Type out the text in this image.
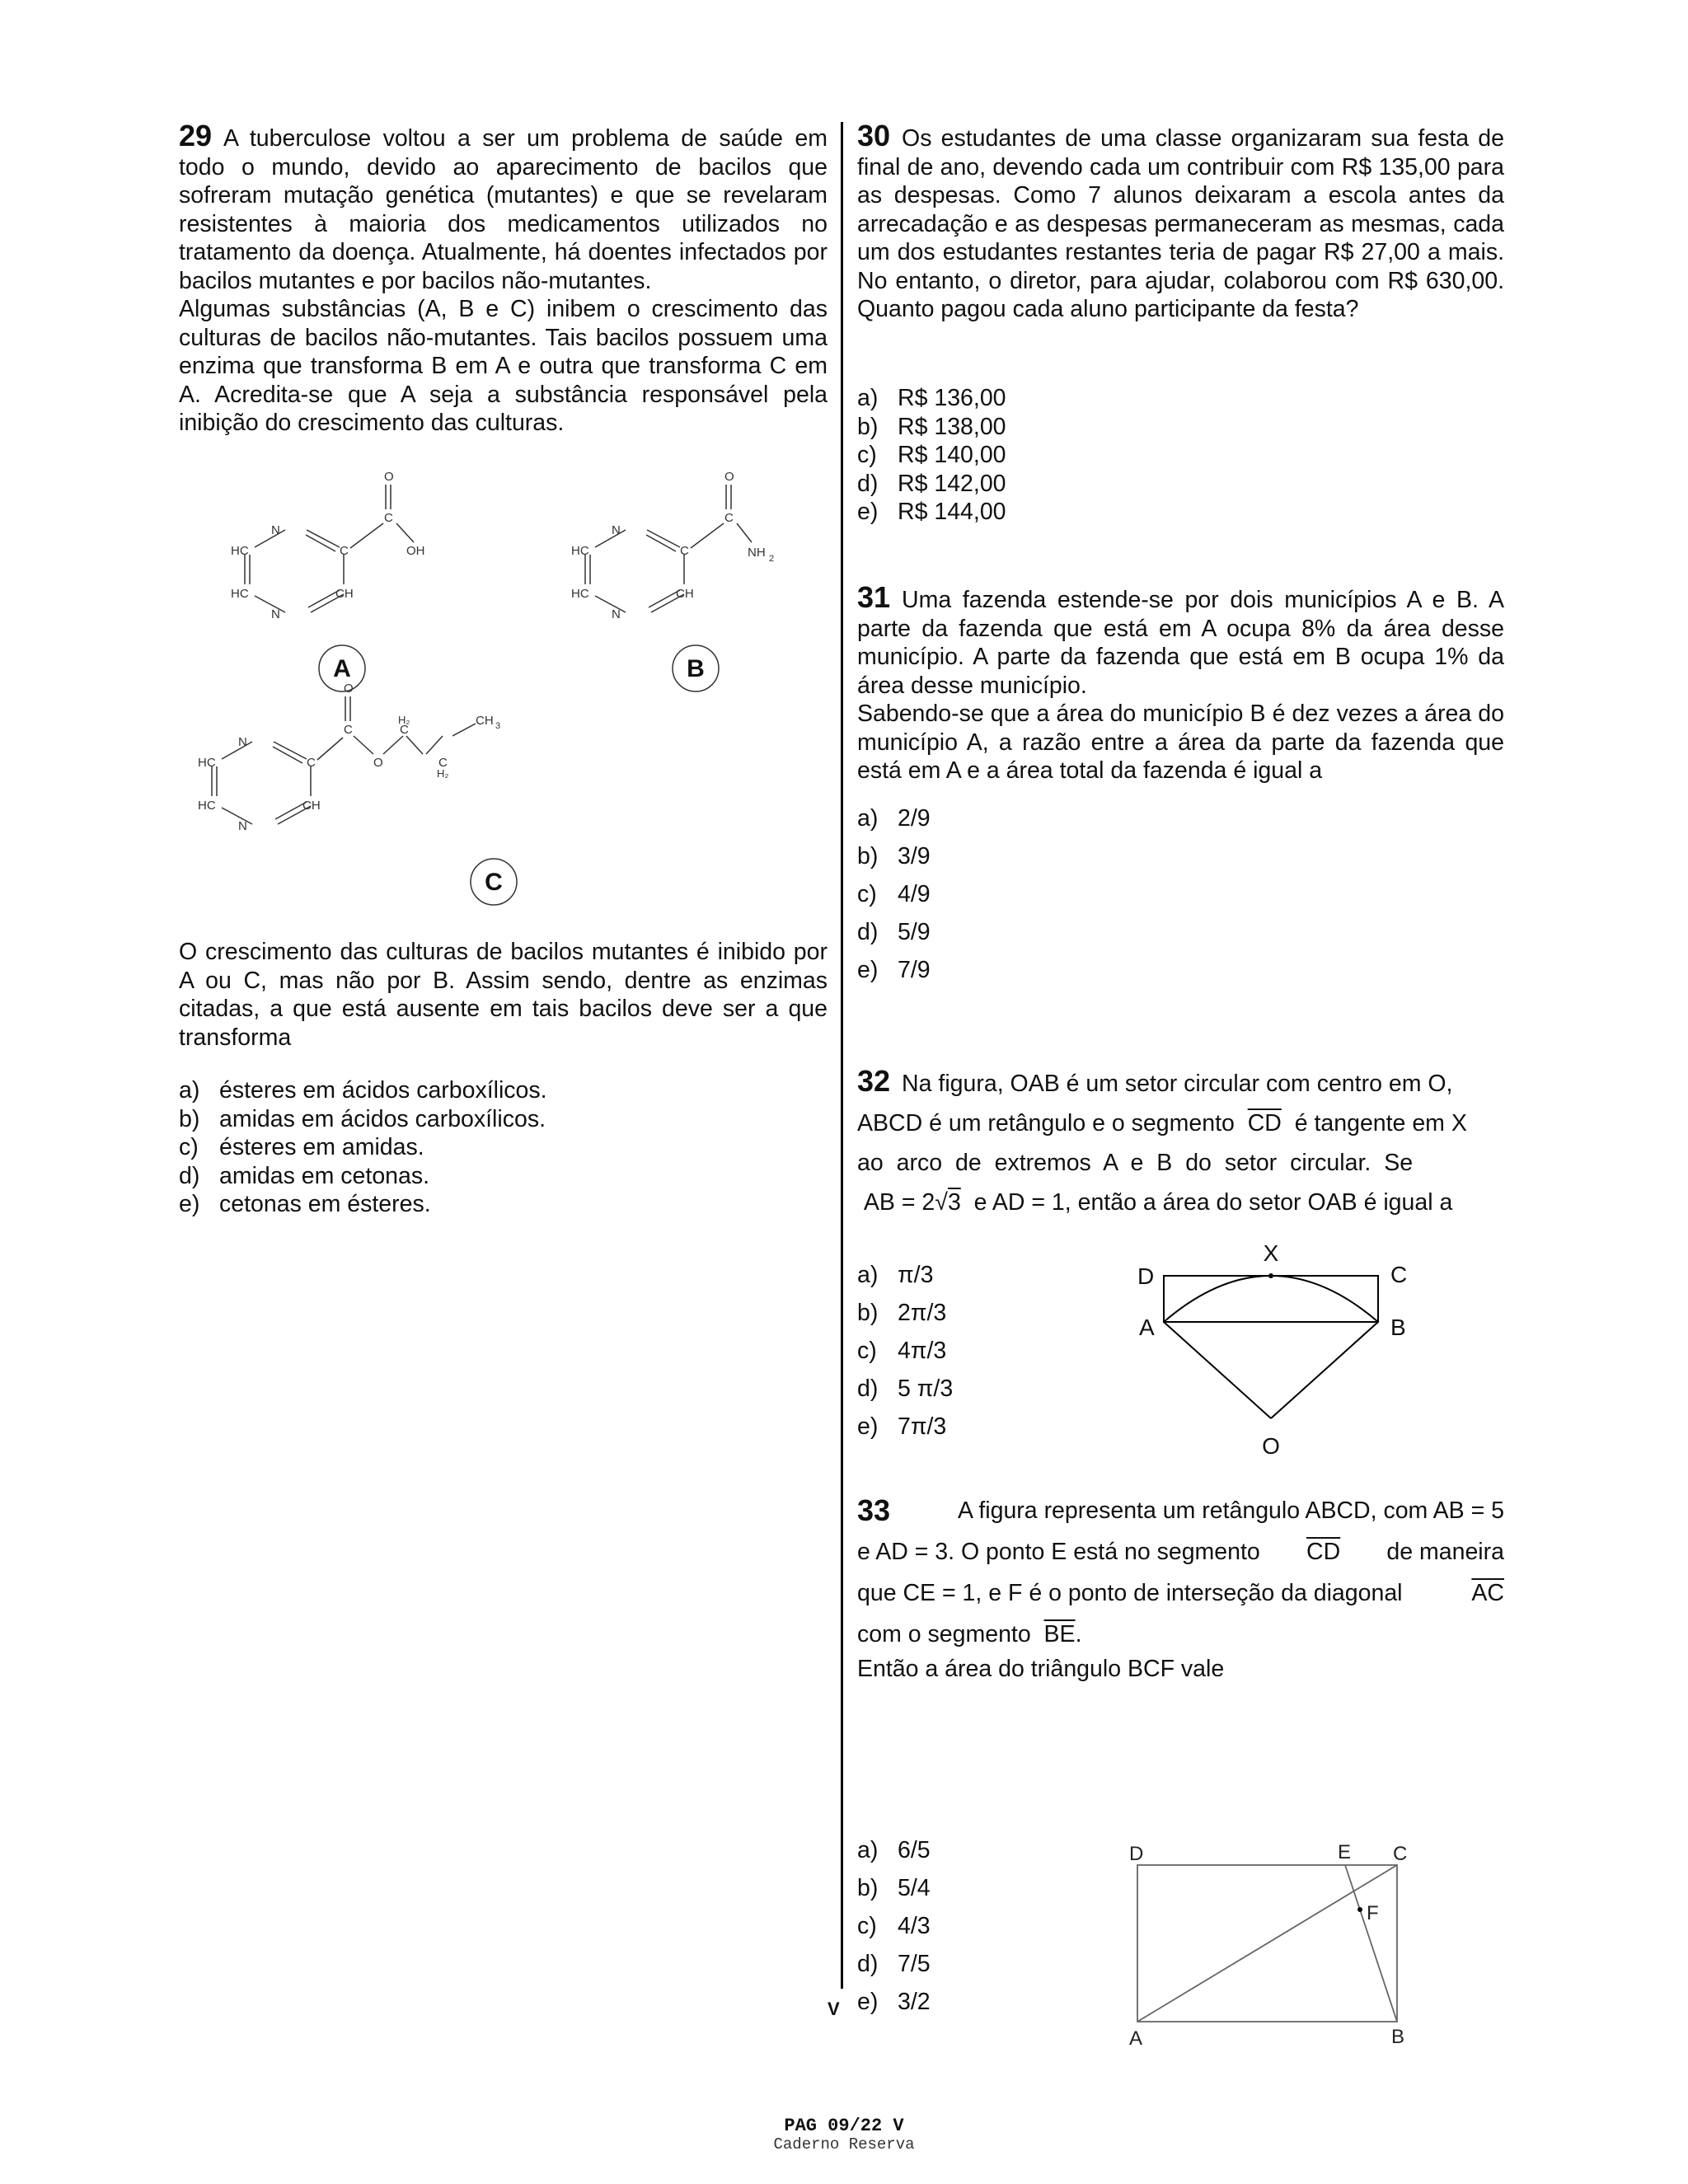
29 A tuberculose voltou a ser um problema de saúde em todo o mundo, devido ao aparecimento de bacilos que sofreram mutação genética (mutantes) e que se revelaram resistentes à maioria dos medicamentos utilizados no tratamento da doença. Atualmente, há doentes infectados por bacilos mutantes e por bacilos não-mutantes.

Algumas substâncias (A, B e C) inibem o crescimento das culturas de bacilos não-mutantes. Tais bacilos possuem uma enzima que transforma B em A e outra que transforma C em A. Acredita-se que A seja a substância responsável pela inibição do crescimento das culturas.

N
HC
HC
N
C
CH
O
C
OH
N
HC
HC
N
C
CH
O
C
NH 2
N
HC
HC
N
C
CH
O
C
O
H₂
C
C
H₂
CH 3
A	B
C

O crescimento das culturas de bacilos mutantes é inibido por A ou C, mas não por B. Assim sendo, dentre as enzimas citadas, a que está ausente em tais bacilos deve ser a que transforma

a) ésteres em ácidos carboxílicos.
b) amidas em ácidos carboxílicos.
c) ésteres em amidas.
d) amidas em cetonas.
e) cetonas em ésteres.

30 Os estudantes de uma classe organizaram sua festa de final de ano, devendo cada um contribuir com R$ 135,00 para as despesas. Como 7 alunos deixaram a escola antes da arrecadação e as despesas permaneceram as mesmas, cada um dos estudantes restantes teria de pagar R$ 27,00 a mais. No entanto, o diretor, para ajudar, colaborou com R$ 630,00. Quanto pagou cada aluno participante da festa?

a) R$ 136,00
b) R$ 138,00
c) R$ 140,00
d) R$ 142,00
e) R$ 144,00

31 Uma fazenda estende-se por dois municípios A e B. A parte da fazenda que está em A ocupa 8% da área desse município. A parte da fazenda que está em B ocupa 1% da área desse município.

Sabendo-se que a área do município B é dez vezes a área do município A, a razão entre a área da parte da fazenda que está em A e a área total da fazenda é igual a

a) 2/9
b) 3/9
c) 4/9
d) 5/9
e) 7/9
32 Na figura, OAB é um setor circular com centro em O,
ABCD é um retângulo e o segmento $\overline{CD}$ é tangente em X
ao arco de extremos A e B do setor circular. Se
AB = 2√3 e AD = 1, então a área do setor OAB é igual a
a) π/3
b) 2π/3
c) 4π/3
d) 5 π/3
e) 7π/3
X
D	C
A	B
O
33	A figura representa um retângulo ABCD, com AB = 5
e AD = 3. O ponto E está no segmento $\overline{CD}$ de maneira
que CE = 1, e F é o ponto de interseção da diagonal	$\overline{AC}$
com o segmento $\overline{BE}$.
Então a área do triângulo BCF vale
a) 6/5
b) 5/4
c) 4/3
d) 7/5
e) 3/2
D	E C
F
A	B
V
PAG 09/22 V
Caderno Reserva
